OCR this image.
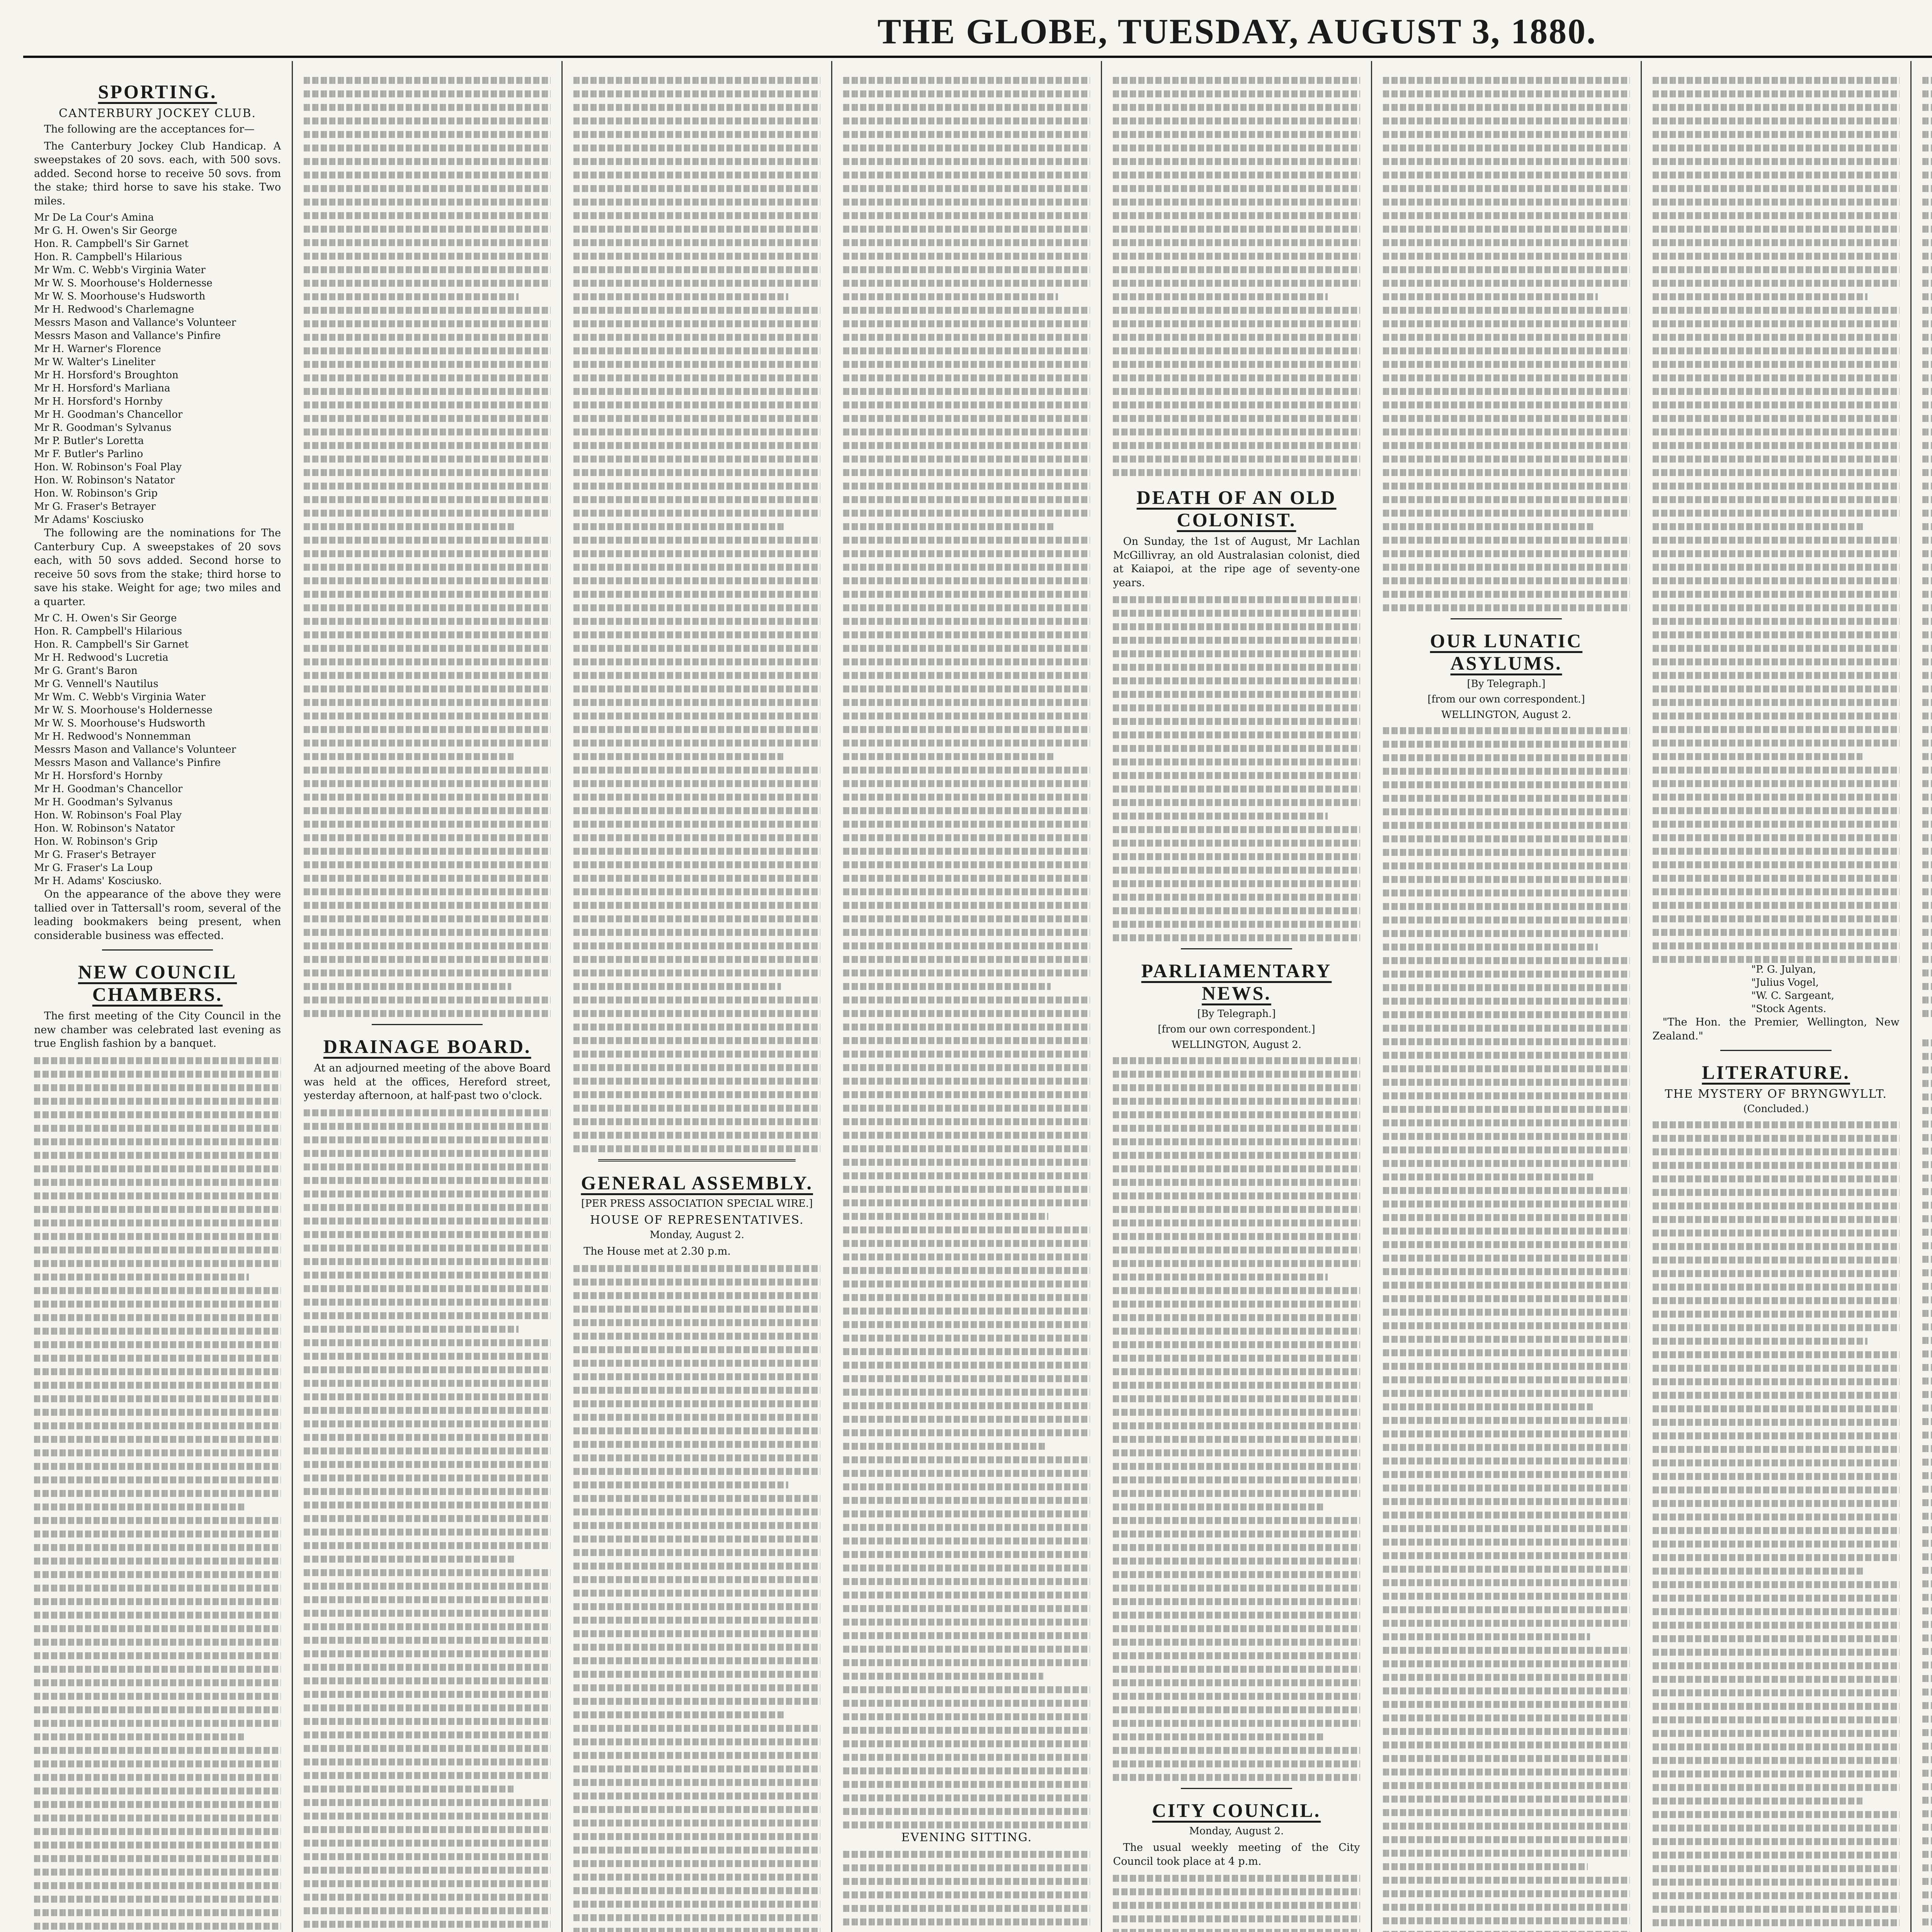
THE GLOBE, TUESDAY, AUGUST 3, 1880.
SPORTING.
CANTERBURY JOCKEY CLUB.

The following are the acceptances for—

The Canterbury Jockey Club Handicap. A sweepstakes of 20 sovs. each, with 500 sovs. added. Second horse to receive 50 sovs. from the stake; third horse to save his stake. Two miles.

Mr De La Cour's Amina
Mr G. H. Owen's Sir George
Hon. R. Campbell's Sir Garnet
Hon. R. Campbell's Hilarious
Mr Wm. C. Webb's Virginia Water
Mr W. S. Moorhouse's Holdernesse
Mr W. S. Moorhouse's Hudsworth
Mr H. Redwood's Charlemagne
Messrs Mason and Vallance's Volunteer
Messrs Mason and Vallance's Pinfire
Mr H. Warner's Florence
Mr W. Walter's Lineliter
Mr H. Horsford's Broughton
Mr H. Horsford's Marliana
Mr H. Horsford's Hornby
Mr H. Goodman's Chancellor
Mr R. Goodman's Sylvanus
Mr P. Butler's Loretta
Mr F. Butler's Parlino
Hon. W. Robinson's Foal Play
Hon. W. Robinson's Natator
Hon. W. Robinson's Grip
Mr G. Fraser's Betrayer
Mr Adams' Kosciusko

The following are the nominations for The Canterbury Cup. A sweepstakes of 20 sovs each, with 50 sovs added. Second horse to receive 50 sovs from the stake; third horse to save his stake. Weight for age; two miles and a quarter.

Mr C. H. Owen's Sir George
Hon. R. Campbell's Hilarious
Hon. R. Campbell's Sir Garnet
Mr H. Redwood's Lucretia
Mr G. Grant's Baron
Mr G. Vennell's Nautilus
Mr Wm. C. Webb's Virginia Water
Mr W. S. Moorhouse's Holdernesse
Mr W. S. Moorhouse's Hudsworth
Mr H. Redwood's Nonnemman
Messrs Mason and Vallance's Volunteer
Messrs Mason and Vallance's Pinfire
Mr H. Horsford's Hornby
Mr H. Goodman's Chancellor
Mr H. Goodman's Sylvanus
Hon. W. Robinson's Foal Play
Hon. W. Robinson's Natator
Hon. W. Robinson's Grip
Mr G. Fraser's Betrayer
Mr G. Fraser's La Loup
Mr H. Adams' Kosciusko.

On the appearance of the above they were tallied over in Tattersall's room, several of the leading bookmakers being present, when considerable business was effected.

NEW COUNCIL CHAMBERS.

The first meeting of the City Council in the new chamber was celebrated last evening as true English fashion by a banquet.	DRAINAGE BOARD.

At an adjourned meeting of the above Board was held at the offices, Hereford street, yesterday afternoon, at half-past two o'clock.

GENERAL ASSEMBLY.
[PER PRESS ASSOCIATION SPECIAL WIRE.]
HOUSE OF REPRESENTATIVES.
Monday, August 2.

The House met at 2.30 p.m.

EVENING SITTING.
DEATH OF AN OLD COLONIST.

On Sunday, the 1st of August, Mr Lachlan McGillivray, an old Australasian colonist, died at Kaiapoi, at the ripe age of seventy-one years.

PARLIAMENTARY NEWS.
[By Telegraph.]
[from our own correspondent.]
WELLINGTON, August 2.
CITY COUNCIL.
Monday, August 2.

The usual weekly meeting of the City Council took place at 4 p.m.

OUR LUNATIC ASYLUMS.
[By Telegraph.]
[from our own correspondent.]
WELLINGTON, August 2.
"P. G. Julyan,
"Julius Vogel,
"W. C. Sargeant,
"Stock Agents.

"The Hon. the Premier, Wellington, New Zealand."

LITERATURE.
THE MYSTERY OF BRYNGWYLLT.
(Concluded.)
